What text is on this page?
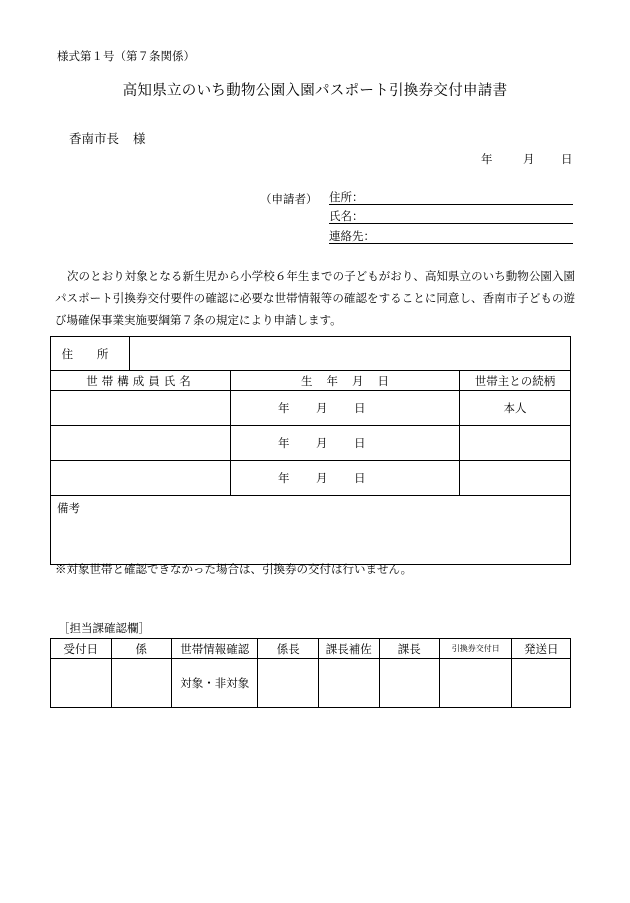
様式第１号（第７条関係）
高知県立のいち動物公園入園パスポート引換券交付申請書
香南市長 様
年	月 日
（申請者） 住所：
氏名：
連絡先：
次のとおり対象となる新生児から小学校６年生までの子どもがおり、高知県立のいち動物公園入園パスポート引換券交付要件の確認に必要な世帯情報等の確認をすることに同意し、香南市子どもの遊び場確保事業実施要綱第７条の規定により申請します。
住 所			
世帯構成員氏名		生 年 月 日	世帯主との続柄
		年 月 日	本人
		年 月 日	
		年 月 日	
備考			
※対象世帯と確認できなかった場合は、引換券の交付は行いません。
［担当課確認欄］
受付日	係	世帯情報確認	係長	課長補佐	課長	引換券交付日	発送日
		対象・非対象					
